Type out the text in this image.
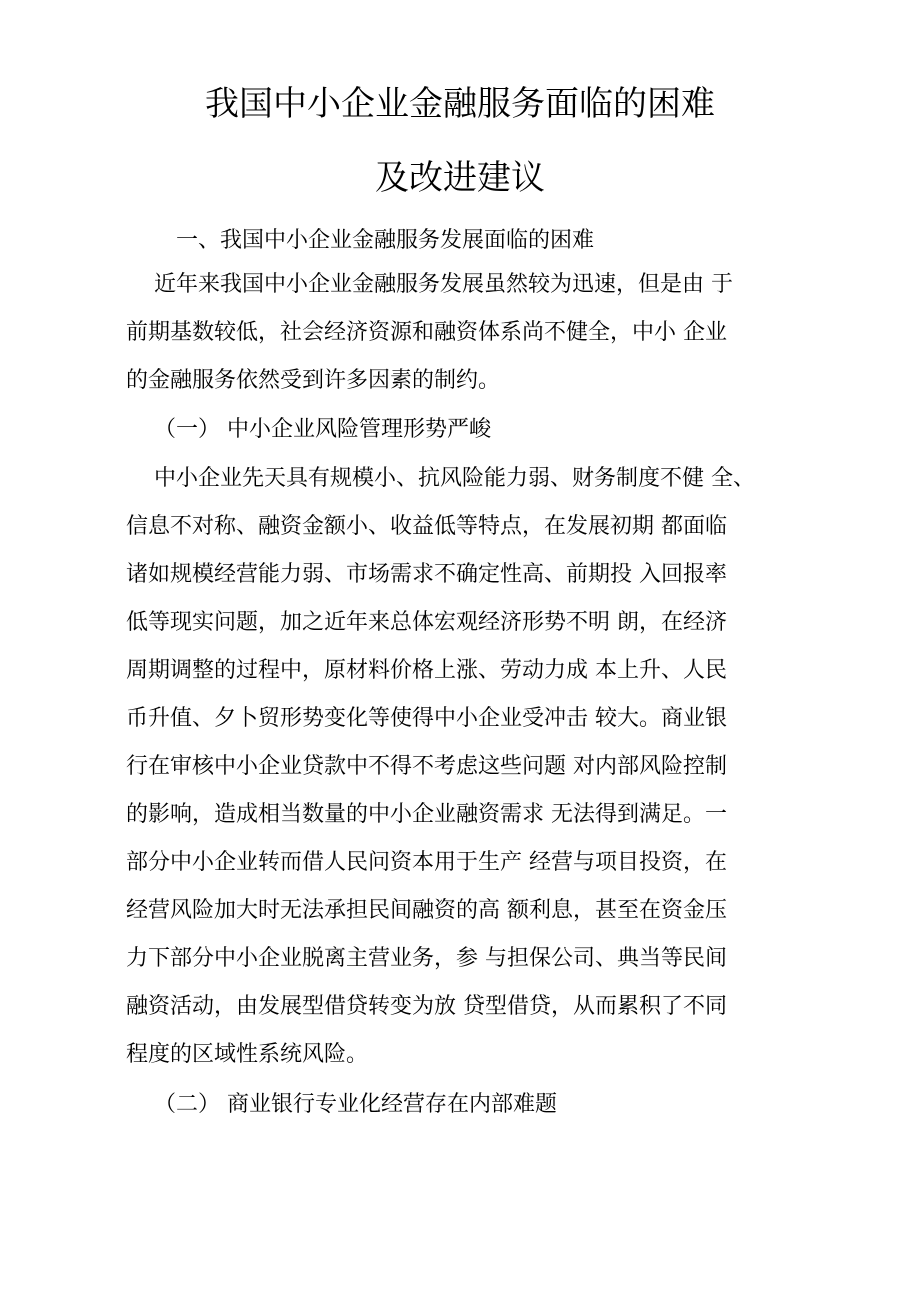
我国中小企业金融服务面临的困难
及改进建议
一、我国中小企业金融服务发展面临的困难
近年来我国中小企业金融服务发展虽然较为迅速，但是由 于
前期基数较低，社会经济资源和融资体系尚不健全，中小 企业
的金融服务依然受到许多因素的制约。
（一） 中小企业风险管理形势严峻
中小企业先天具有规模小、抗风险能力弱、财务制度不健 全、
信息不对称、融资金额小、收益低等特点，在发展初期 都面临
诸如规模经营能力弱、市场需求不确定性高、前期投 入回报率
低等现实问题，加之近年来总体宏观经济形势不明 朗，在经济
周期调整的过程中，原材料价格上涨、劳动力成 本上升、人民
币升值、夕卜贸形势变化等使得中小企业受冲击 较大。商业银
行在审核中小企业贷款中不得不考虑这些问题 对内部风险控制
的影响，造成相当数量的中小企业融资需求 无法得到满足。一
部分中小企业转而借人民问资本用于生产 经营与项目投资，在
经营风险加大时无法承担民间融资的高 额利息，甚至在资金压
力下部分中小企业脱离主营业务，参 与担保公司、典当等民间
融资活动，由发展型借贷转变为放 贷型借贷，从而累积了不同
程度的区域性系统风险。
（二） 商业银行专业化经营存在内部难题
